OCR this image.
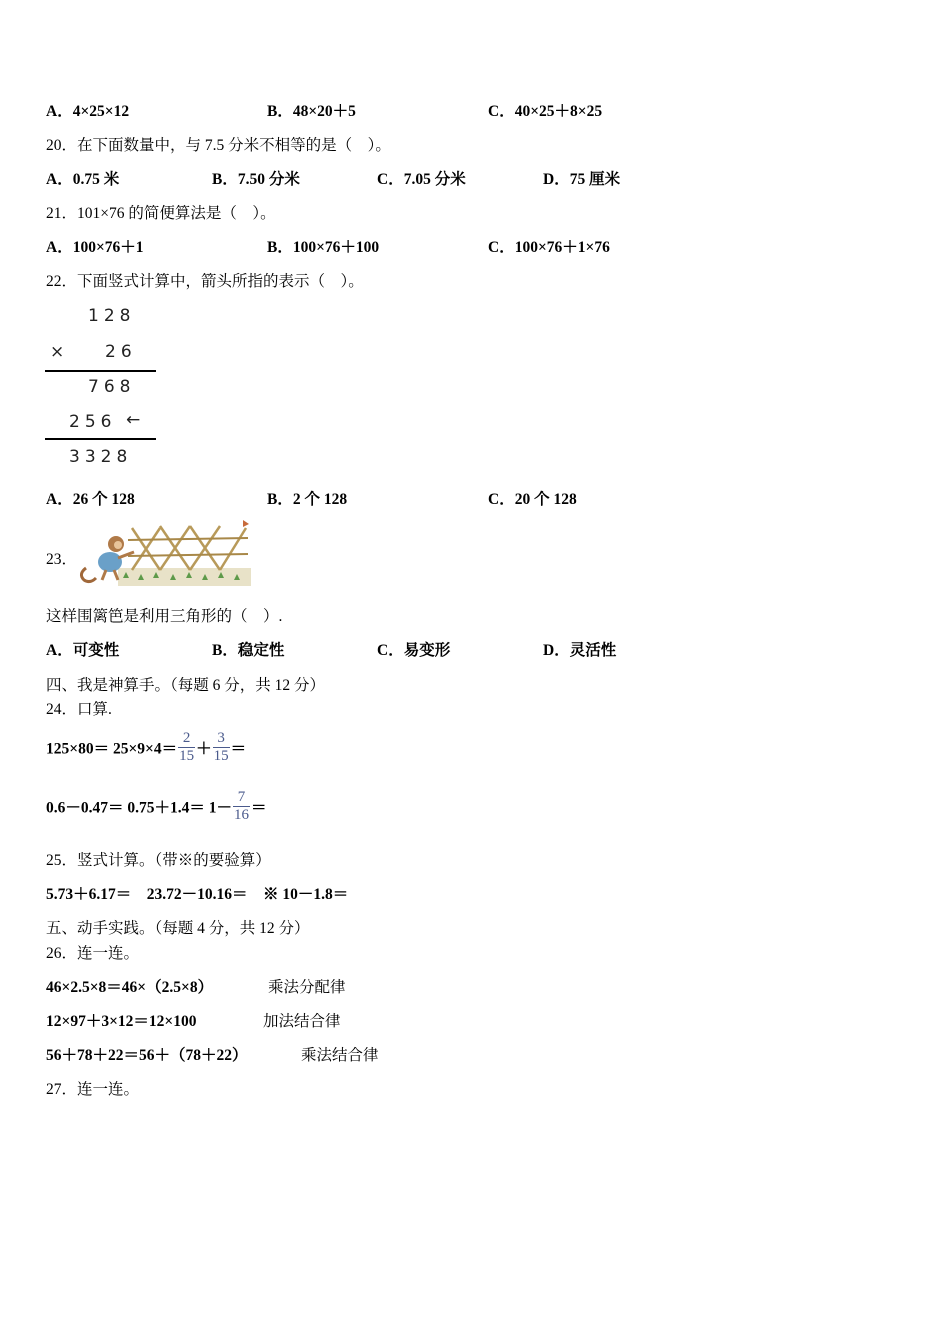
A．4×25×12	B．48×20＋5	C．40×25＋8×25
20．在下面数量中，与 7.5 分米不相等的是（　）。
A．0.75 米	B．7.50 分米	C．7.05 分米	D．75 厘米
21．101×76 的简便算法是（　）。
A．100×76＋1	B．100×76＋100	C．100×76＋1×76
22．下面竖式计算中，箭头所指的表示（　）。
128
× 26
768
256 ←
3328
A．26 个 128	B．2 个 128	C．20 个 128
23．
这样围篱笆是利用三角形的（　）.
A．可变性	B．稳定性	C．易变形	D．灵活性
四、我是神算手。（每题 6 分，共 12 分）
24．口算.
$125\times 80= 25\times 9\times 4= \frac{2}{15} + \frac{3}{15}$ ＝
$0.6-0.47= 0.75+1.4= 1- \frac{7}{16}$ ＝
25．竖式计算。（带※的要验算）
5.73＋6.17＝　23.72－10.16＝　※ 10－1.8＝
五、动手实践。（每题 4 分，共 12 分）
26．连一连。
46×2.5×8＝46×（2.5×8）	乘法分配律
12×97＋3×12＝12×100	加法结合律
56＋78＋22＝56＋（78＋22）	乘法结合律
27．连一连。
